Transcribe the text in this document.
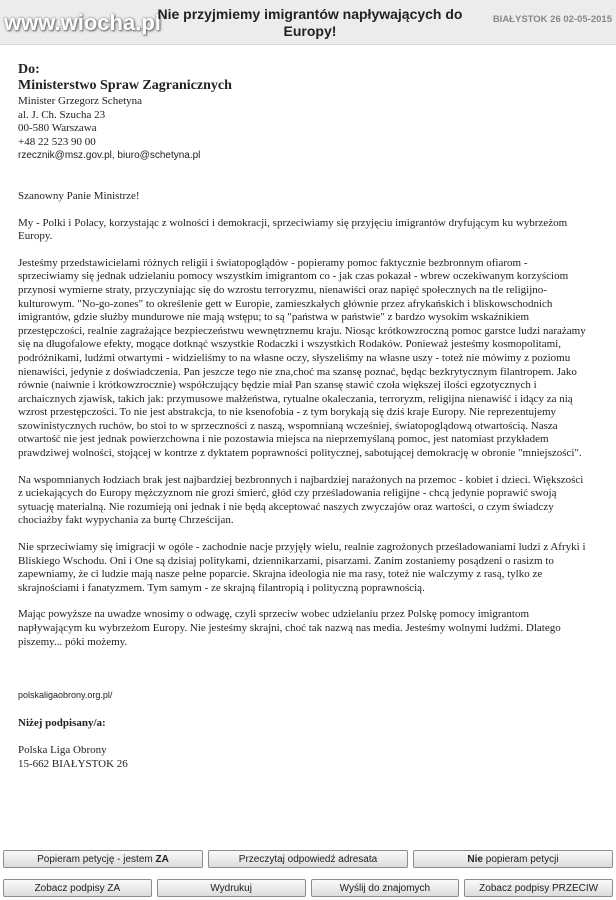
www.wiocha.pl
Nie przyjmiemy imigrantów napływających do Europy!
BIAŁYSTOK 26 02-05-2015

Do:

Ministerstwo Spraw Zagranicznych

Minister Grzegorz Schetyna

al. J. Ch. Szucha 23

00-580 Warszawa

+48 22 523 90 00

rzecznik@msz.gov.pl, biuro@schetyna.pl

Szanowny Panie Ministrze!

My - Polki i Polacy, korzystając z wolności i demokracji, sprzeciwiamy się przyjęciu imigrantów dryfującym ku wybrzeżom Europy.

Jesteśmy przedstawicielami różnych religii i światopoglądów - popieramy pomoc faktycznie bezbronnym ofiarom - sprzeciwiamy się jednak udzielaniu pomocy wszystkim imigrantom co - jak czas pokazał - wbrew oczekiwanym korzyściom przynosi wymierne straty, przyczyniając się do wzrostu terroryzmu, nienawiści oraz napięć społecznych na tle religijno-kulturowym. "No-go-zones" to określenie gett w Europie, zamieszkałych głównie przez afrykańskich i bliskowschodnich imigrantów, gdzie służby mundurowe nie mają wstępu; to są "państwa w państwie" z bardzo wysokim wskaźnikiem przestępczości, realnie zagrażające bezpieczeństwu wewnętrznemu kraju. Niosąc krótkowzroczną pomoc garstce ludzi narażamy się na długofalowe efekty, mogące dotknąć wszystkie Rodaczki i wszystkich Rodaków. Ponieważ jesteśmy kosmopolitami, podróżnikami, ludźmi otwartymi - widzieliśmy to na własne oczy, słyszeliśmy na własne uszy - toteż nie mówimy z poziomu nienawiści, jedynie z doświadczenia. Pan jeszcze tego nie zna,choć ma szansę poznać, będąc bezkrytycznym filantropem. Jako równie (naiwnie i krótkowzrocznie) współczujący będzie miał Pan szansę stawić czoła większej ilości egzotycznych i archaicznych zjawisk, takich jak: przymusowe małżeństwa, rytualne okaleczania, terroryzm, religijna nienawiść i idący za nią wzrost przestępczości. To nie jest abstrakcja, to nie ksenofobia - z tym borykają się dziś kraje Europy. Nie reprezentujemy szowinistycznych ruchów, bo stoi to w sprzeczności z naszą, wspomnianą wcześniej, światopoglądową otwartością. Nasza otwartość nie jest jednak powierzchowna i nie pozostawia miejsca na nieprzemyślaną pomoc, jest natomiast przykładem prawdziwej wolności, stojącej w kontrze z dyktatem poprawności politycznej, sabotującej demokrację w obronie "mniejszości".

Na wspomnianych łodziach brak jest najbardziej bezbronnych i najbardziej narażonych na przemoc - kobiet i dzieci. Większości z uciekających do Europy mężczyznom nie grozi śmierć, głód czy prześladowania religijne - chcą jedynie poprawić swoją sytuację materialną. Nie rozumieją oni jednak i nie będą akceptować naszych zwyczajów oraz wartości, o czym świadczy chociażby fakt wypychania za burtę Chrześcijan.

Nie sprzeciwiamy się imigracji w ogóle - zachodnie nacje przyjęły wielu, realnie zagrożonych prześladowaniami ludzi z Afryki i Bliskiego Wschodu. Oni i One są dzisiaj politykami, dziennikarzami, pisarzami. Zanim zostaniemy posądzeni o rasizm to zapewniamy, że ci ludzie mają nasze pełne poparcie. Skrajna ideologia nie ma rasy, toteż nie walczymy z rasą, tylko ze skrajnościami i fanatyzmem. Tym samym - ze skrajną filantropią i polityczną poprawnością.

Mając powyższe na uwadze wnosimy o odwagę, czyli sprzeciw wobec udzielaniu przez Polskę pomocy imigrantom napływającym ku wybrzeżom Europy. Nie jesteśmy skrajni, choć tak nazwą nas media. Jesteśmy wolnymi ludźmi. Dlatego piszemy... póki możemy.

polskaligaobrony.org.pl/

Niżej podpisany/a:

Polska Liga Obrony

15-662 BIAŁYSTOK 26

Popieram petycję - jestem ZA	Przeczytaj odpowiedź adresata	Nie popieram petycji
Zobacz podpisy ZA	Wydrukuj	Wyślij do znajomych	Zobacz podpisy PRZECIW
